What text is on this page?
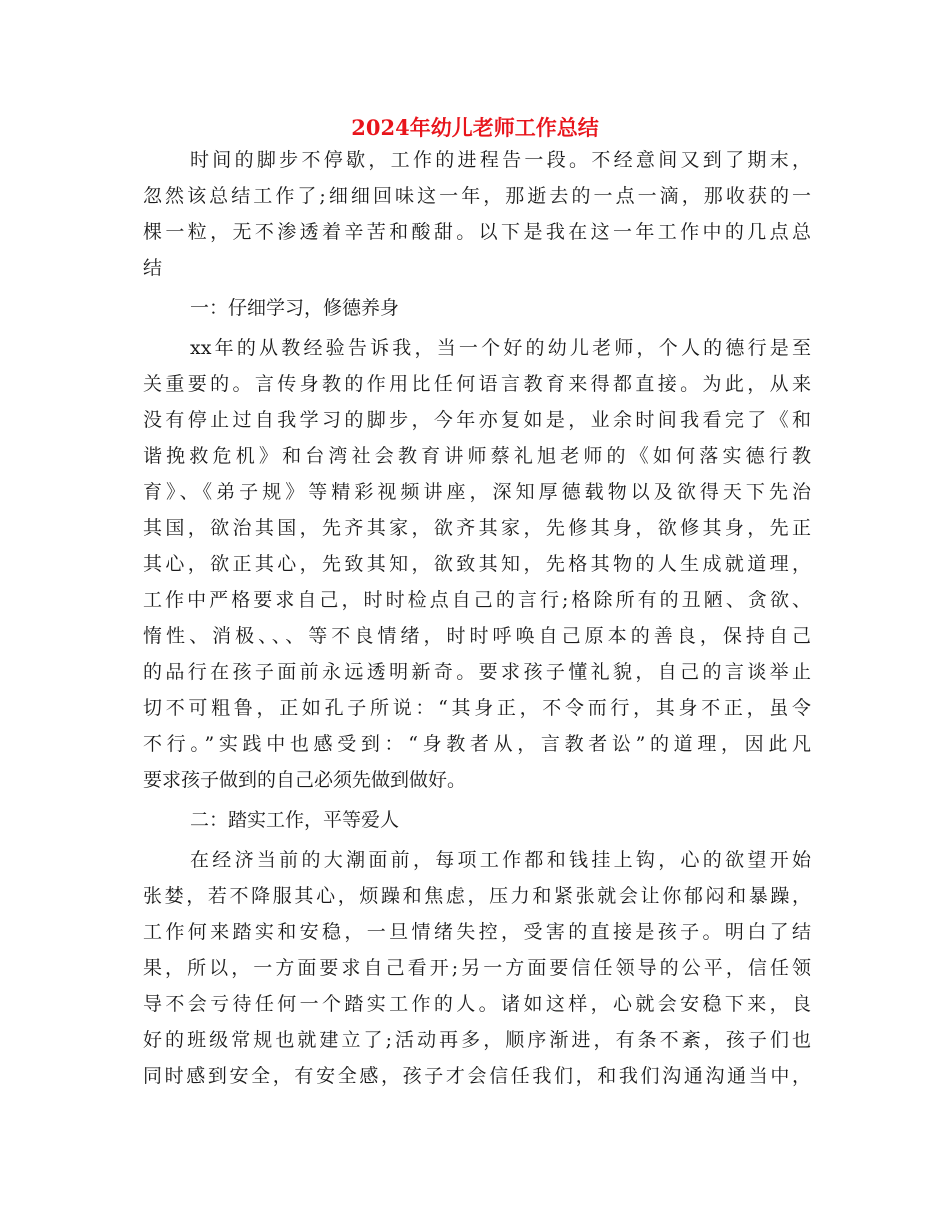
2024年幼儿老师工作总结

时间的脚步不停歇，工作的进程告一段。不经意间又到了期末，

忽然该总结工作了;细细回味这一年，那逝去的一点一滴，那收获的一

棵一粒，无不渗透着辛苦和酸甜。以下是我在这一年工作中的几点总

结

一：仔细学习，修德养身

xx年的从教经验告诉我，当一个好的幼儿老师，个人的德行是至

关重要的。言传身教的作用比任何语言教育来得都直接。为此，从来

没有停止过自我学习的脚步，今年亦复如是，业余时间我看完了《和

谐挽救危机》和台湾社会教育讲师蔡礼旭老师的《如何落实德行教

育》、《弟子规》等精彩视频讲座，深知厚德载物以及欲得天下先治

其国，欲治其国，先齐其家，欲齐其家，先修其身，欲修其身，先正

其心，欲正其心，先致其知，欲致其知，先格其物的人生成就道理，

工作中严格要求自己，时时检点自己的言行;格除所有的丑陋、贪欲、

惰性、消极、、、等不良情绪，时时呼唤自己原本的善良，保持自己

的品行在孩子面前永远透明新奇。要求孩子懂礼貌，自己的言谈举止

切不可粗鲁，正如孔子所说：“其身正，不令而行，其身不正，虽令

不行。”实践中也感受到：“身教者从，言教者讼”的道理，因此凡

要求孩子做到的自己必须先做到做好。

二：踏实工作，平等爱人

在经济当前的大潮面前，每项工作都和钱挂上钩，心的欲望开始

张婪，若不降服其心，烦躁和焦虑，压力和紧张就会让你郁闷和暴躁，

工作何来踏实和安稳，一旦情绪失控，受害的直接是孩子。明白了结

果，所以，一方面要求自己看开;另一方面要信任领导的公平，信任领

导不会亏待任何一个踏实工作的人。诸如这样，心就会安稳下来，良

好的班级常规也就建立了;活动再多，顺序渐进，有条不紊，孩子们也

同时感到安全，有安全感，孩子才会信任我们，和我们沟通沟通当中，
